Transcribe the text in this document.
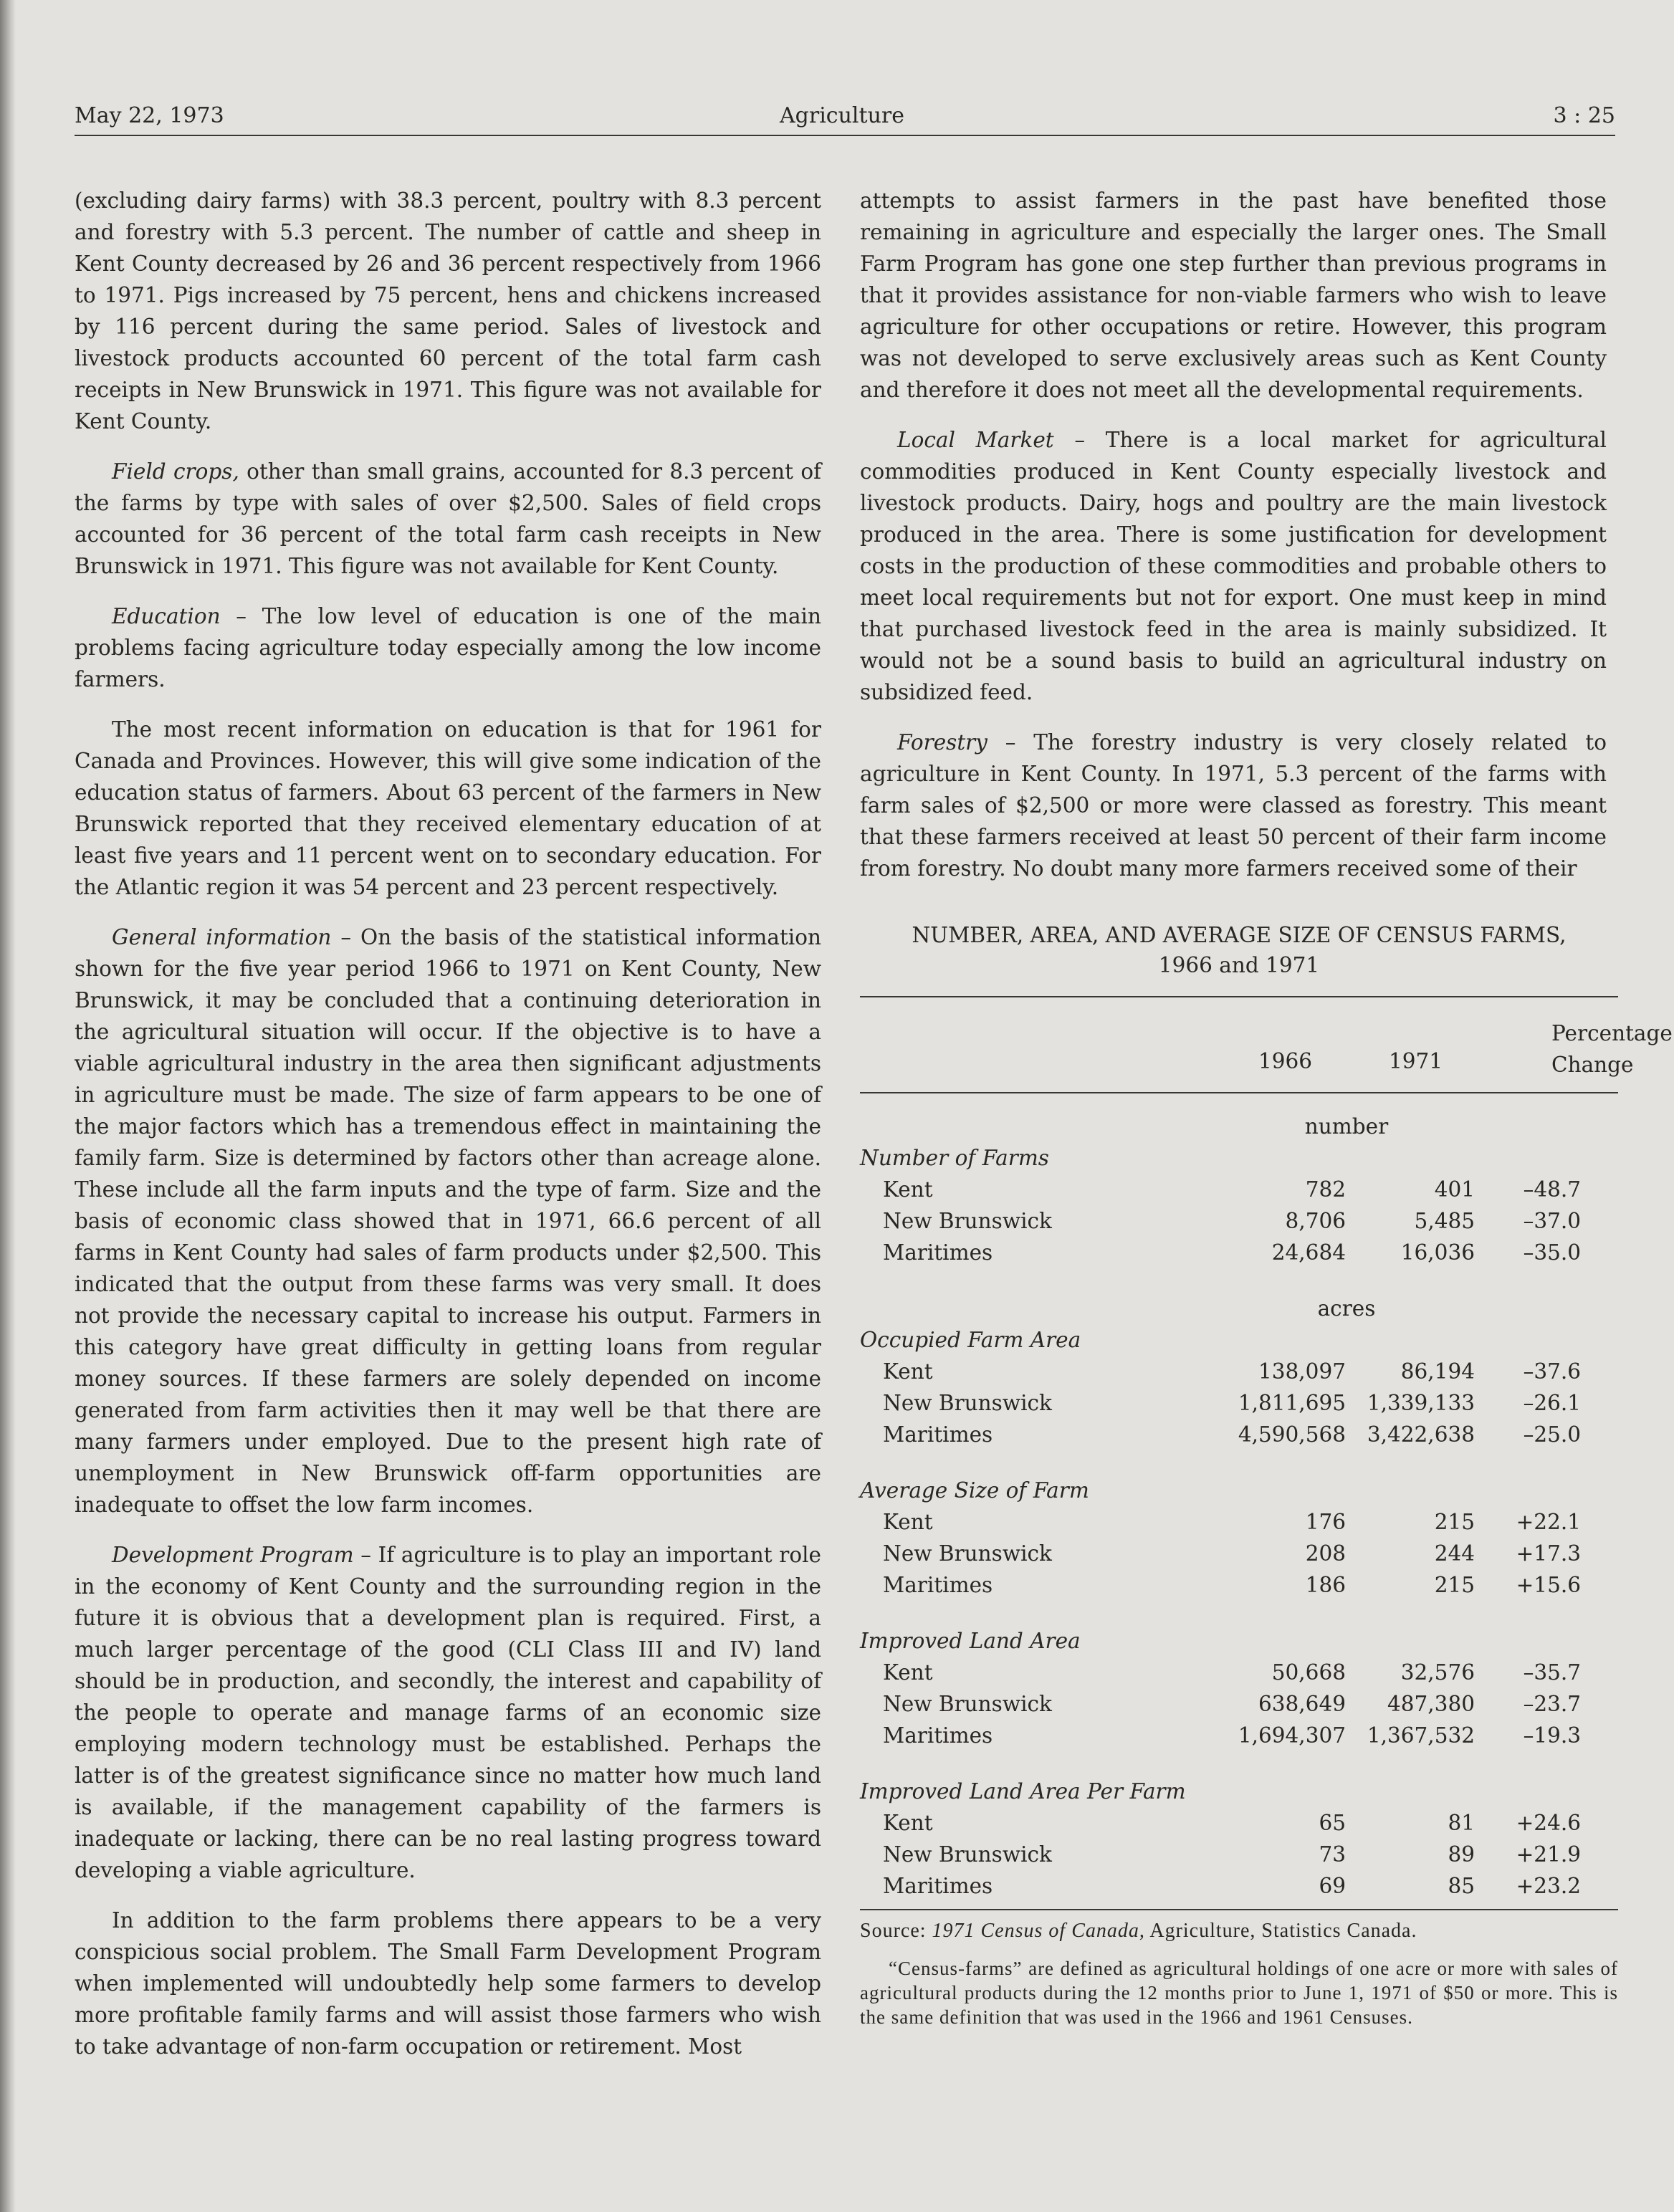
May 22, 1973	Agriculture	3 : 25

(excluding dairy farms) with 38.3 percent, poultry with 8.3 percent and forestry with 5.3 percent. The number of cattle and sheep in Kent County decreased by 26 and 36 percent respectively from 1966 to 1971. Pigs increased by 75 percent, hens and chickens increased by 116 percent during the same period. Sales of livestock and livestock products accounted 60 percent of the total farm cash receipts in New Brunswick in 1971. This figure was not available for Kent County.

Field crops, other than small grains, accounted for 8.3 percent of the farms by type with sales of over $2,500. Sales of field crops accounted for 36 percent of the total farm cash receipts in New Brunswick in 1971. This figure was not available for Kent County.

Education – The low level of education is one of the main problems facing agriculture today especially among the low income farmers.

The most recent information on education is that for 1961 for Canada and Provinces. However, this will give some indication of the education status of farmers. About 63 percent of the farmers in New Brunswick reported that they received elementary education of at least five years and 11 percent went on to secondary education. For the Atlantic region it was 54 percent and 23 percent respectively.

General information – On the basis of the statistical information shown for the five year period 1966 to 1971 on Kent County, New Brunswick, it may be concluded that a continuing deterioration in the agricultural situation will occur. If the objective is to have a viable agricultural industry in the area then significant adjustments in agriculture must be made. The size of farm appears to be one of the major factors which has a tremendous effect in maintaining the family farm. Size is determined by factors other than acreage alone. These include all the farm inputs and the type of farm. Size and the basis of economic class showed that in 1971, 66.6 percent of all farms in Kent County had sales of farm products under $2,500. This indicated that the output from these farms was very small. It does not provide the necessary capital to increase his output. Farmers in this category have great difficulty in getting loans from regular money sources. If these farmers are solely depended on income generated from farm activities then it may well be that there are many farmers under employed. Due to the present high rate of unemployment in New Brunswick off-farm opportunities are inadequate to offset the low farm incomes.

Development Program – If agriculture is to play an important role in the economy of Kent County and the surrounding region in the future it is obvious that a development plan is required. First, a much larger percentage of the good (CLI Class III and IV) land should be in production, and secondly, the interest and capability of the people to operate and manage farms of an economic size employing modern technology must be established. Perhaps the latter is of the greatest significance since no matter how much land is available, if the management capability of the farmers is inadequate or lacking, there can be no real lasting progress toward developing a viable agriculture.

In addition to the farm problems there appears to be a very conspicious social problem. The Small Farm Development Program when implemented will undoubtedly help some farmers to develop more profitable family farms and will assist those farmers who wish to take advantage of non-farm occupation or retirement. Most

attempts to assist farmers in the past have benefited those remaining in agriculture and especially the larger ones. The Small Farm Program has gone one step further than previous programs in that it provides assistance for non-viable farmers who wish to leave agriculture for other occupations or retire. However, this program was not developed to serve exclusively areas such as Kent County and therefore it does not meet all the developmental requirements.

Local Market – There is a local market for agricultural commodities produced in Kent County especially livestock and livestock products. Dairy, hogs and poultry are the main livestock produced in the area. There is some justification for development costs in the production of these commodities and probable others to meet local requirements but not for export. One must keep in mind that purchased livestock feed in the area is mainly subsidized. It would not be a sound basis to build an agricultural industry on subsidized feed.

Forestry – The forestry industry is very closely related to agriculture in Kent County. In 1971, 5.3 percent of the farms with farm sales of $2,500 or more were classed as forestry. This meant that these farmers received at least 50 percent of their farm income from forestry. No doubt many more farmers received some of their

NUMBER, AREA, AND AVERAGE SIZE OF CENSUS FARMS,
1966 and 1971
1966	1971
Percentage

Change
number
Number of Farms
Kent	782	401 –48.7
New Brunswick	8,706	5,485 –37.0
Maritimes	24,684	16,036 –35.0
acres
Occupied Farm Area
Kent	138,097	86,194 –37.6
New Brunswick	1,811,695 1,339,133 –26.1
Maritimes	4,590,568 3,422,638 –25.0
Average Size of Farm
Kent	176	215 +22.1
New Brunswick	208	244 +17.3
Maritimes	186	215 +15.6
Improved Land Area
Kent	50,668	32,576 –35.7
New Brunswick	638,649 487,380 –23.7
Maritimes	1,694,307 1,367,532 –19.3
Improved Land Area Per Farm
Kent	65	81 +24.6
New Brunswick	73	89 +21.9
Maritimes	69	85 +23.2
Source: 1971 Census of Canada, Agriculture, Statistics Canada.
“Census-farms” are defined as agricultural holdings of one acre or more with sales of agricultural products during the 12 months prior to June 1, 1971 of $50 or more. This is the same definition that was used in the 1966 and 1961 Censuses.
